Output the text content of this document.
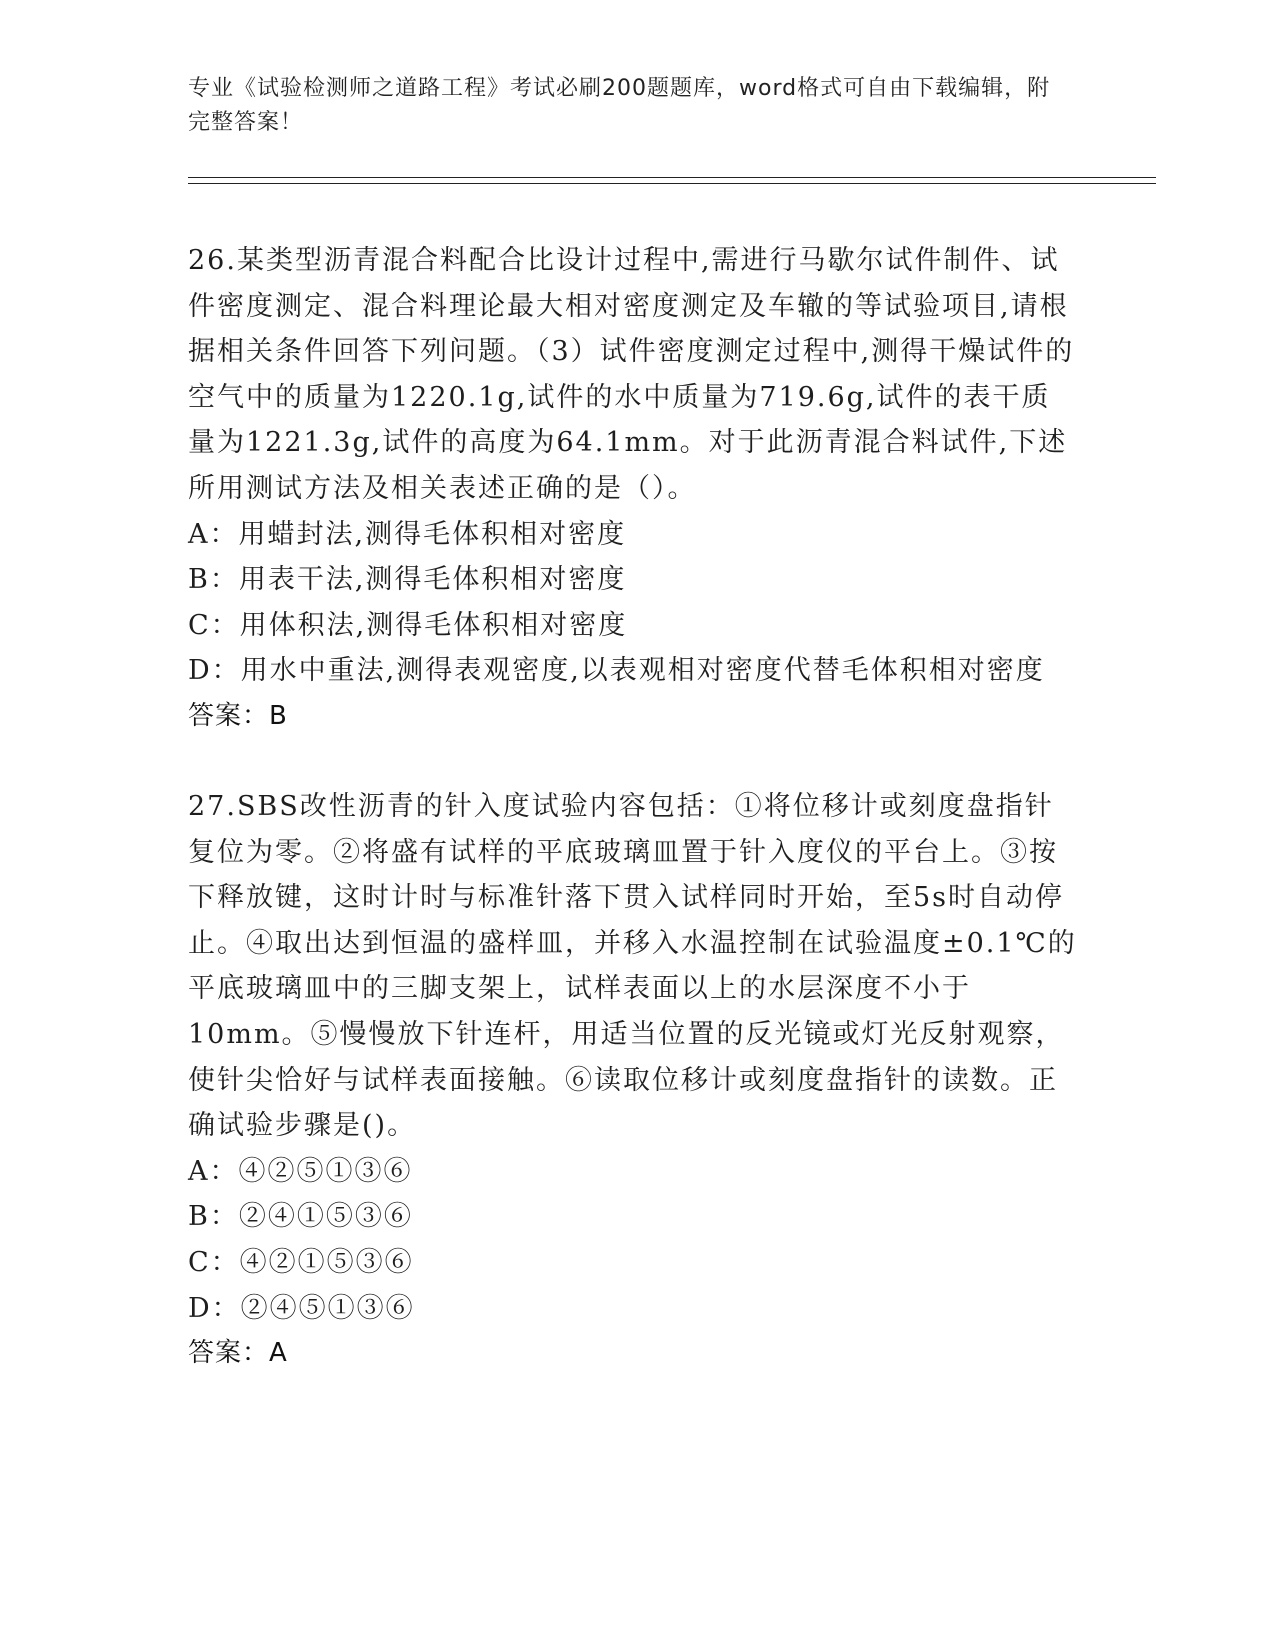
专业《试验检测师之道路工程》考试必刷200题题库，word格式可自由下载编辑，附完整答案！

26.某类型沥青混合料配合比设计过程中,需进行马歇尔试件制件、试件密度测定、混合料理论最大相对密度测定及车辙的等试验项目,请根据相关条件回答下列问题。（3）试件密度测定过程中,测得干燥试件的空气中的质量为1220.1g,试件的水中质量为719.6g,试件的表干质量为1221.3g,试件的高度为64.1mm。对于此沥青混合料试件,下述所用测试方法及相关表述正确的是（）。

A：用蜡封法,测得毛体积相对密度

B：用表干法,测得毛体积相对密度

C：用体积法,测得毛体积相对密度

D：用水中重法,测得表观密度,以表观相对密度代替毛体积相对密度

答案：B

27.SBS改性沥青的针入度试验内容包括：①将位移计或刻度盘指针复位为零。②将盛有试样的平底玻璃皿置于针入度仪的平台上。③按下释放键，这时计时与标准针落下贯入试样同时开始，至5s时自动停止。④取出达到恒温的盛样皿，并移入水温控制在试验温度±0.1℃的平底玻璃皿中的三脚支架上，试样表面以上的水层深度不小于10mm。⑤慢慢放下针连杆，用适当位置的反光镜或灯光反射观察，使针尖恰好与试样表面接触。⑥读取位移计或刻度盘指针的读数。正确试验步骤是()。

A：④②⑤①③⑥

B：②④①⑤③⑥

C：④②①⑤③⑥

D：②④⑤①③⑥

答案：A
